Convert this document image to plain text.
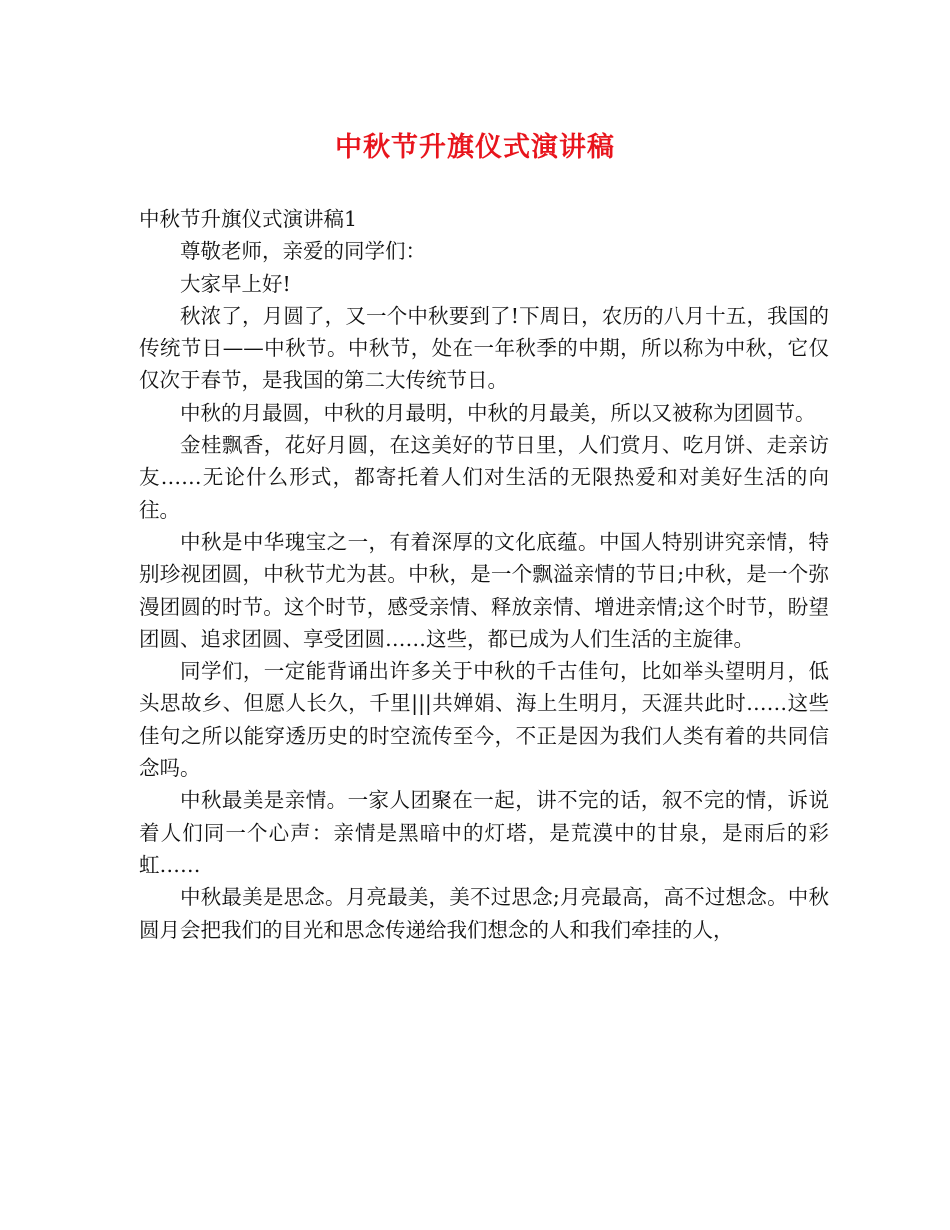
中秋节升旗仪式演讲稿

中秋节升旗仪式演讲稿1

尊敬老师，亲爱的同学们：

大家早上好!

秋浓了，月圆了，又一个中秋要到了!下周日，农历的八月十五，我国的传统节日——中秋节。中秋节，处在一年秋季的中期，所以称为中秋，它仅仅次于春节，是我国的第二大传统节日。

中秋的月最圆，中秋的月最明，中秋的月最美，所以又被称为团圆节。

金桂飘香，花好月圆，在这美好的节日里，人们赏月、吃月饼、走亲访友……无论什么形式，都寄托着人们对生活的无限热爱和对美好生活的向往。

中秋是中华瑰宝之一，有着深厚的文化底蕴。中国人特别讲究亲情，特别珍视团圆，中秋节尤为甚。中秋，是一个飘溢亲情的节日;中秋，是一个弥漫团圆的时节。这个时节，感受亲情、释放亲情、增进亲情;这个时节，盼望团圆、追求团圆、享受团圆……这些，都已成为人们生活的主旋律。

同学们，一定能背诵出许多关于中秋的千古佳句，比如举头望明月，低头思故乡、但愿人长久，千里|||共婵娟、海上生明月，天涯共此时……这些佳句之所以能穿透历史的时空流传至今，不正是因为我们人类有着的共同信念吗。

中秋最美是亲情。一家人团聚在一起，讲不完的话，叙不完的情，诉说着人们同一个心声：亲情是黑暗中的灯塔，是荒漠中的甘泉，是雨后的彩虹……

中秋最美是思念。月亮最美，美不过思念;月亮最高，高不过想念。中秋圆月会把我们的目光和思念传递给我们想念的人和我们牵挂的人，
